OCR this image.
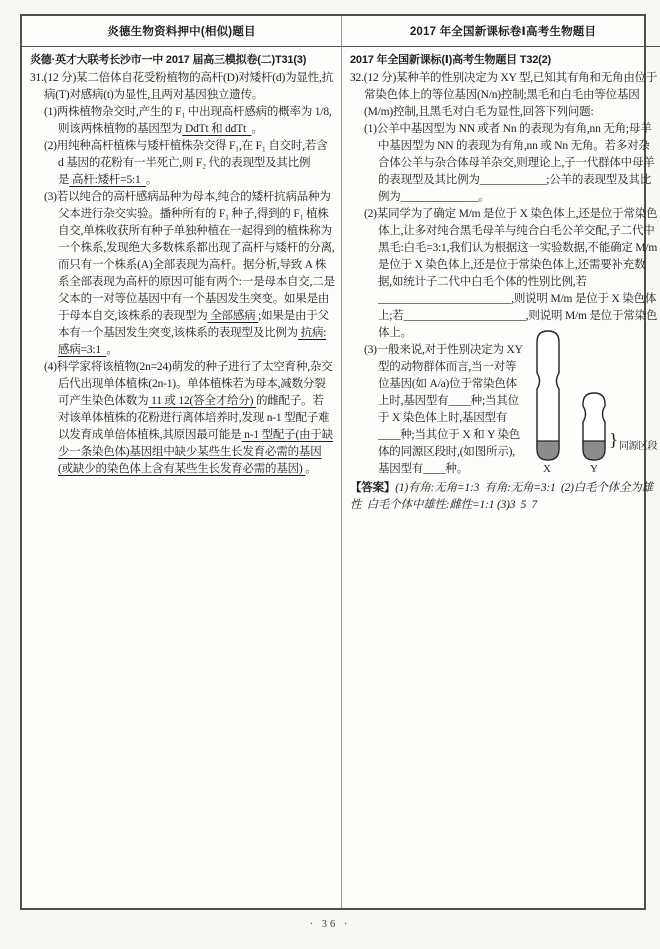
炎德生物资料押中(相似)题目	2017 年全国新课标卷Ⅰ高考生物题目
炎德·英才大联考长沙市一中 2017 届高三模拟卷(二)T31(3)
31.(12 分)某二倍体自花受粉植物的高杆(D)对矮杆(d)为显性,抗病(T)对感病(t)为显性,且两对基因独立遗传。
(1)两株植物杂交时,产生的 F₁ 中出现高杆感病的概率为 1/8,则该两株植物的基因型为 DdTt 和 ddTt  。
(2)用纯种高杆植株与矮杆植株杂交得 F₁,在 F₁ 自交时,若含 d 基因的花粉有一半死亡,则 F₂ 代的表现型及其比例是 高杆:矮杆=5:1  。
(3)若以纯合的高杆感病品种为母本,纯合的矮杆抗病品种为父本进行杂交实验。播种所有的 F₁ 种子,得到的 F₁ 植株自交,单株收获所有种子单独种植在一起得到的植株称为一个株系,发现绝大多数株系都出现了高杆与矮杆的分离,而只有一个株系(A)全部表现为高杆。据分析,导致 A 株系全部表现为高杆的原因可能有两个:一是母本自交,二是父本的一对等位基因中有一个基因发生突变。如果是由于母本自交,该株系的表现型为 全部感病 ;如果是由于父本有一个基因发生突变,该株系的表现型及比例为 抗病:感病=3:1  。
(4)科学家将该植物(2n=24)萌发的种子进行了太空育种,杂交后代出现单体植株(2n-1)。单体植株若为母本,减数分裂可产生染色体数为 11 或 12(答全才给分) 的雌配子。若对该单体植株的花粉进行离体培养时,发现 n-1 型配子难以发育成单倍体植株,其原因最可能是 n-1 型配子(由于缺少一条染色体)基因组中缺少某些生长发育必需的基因(或缺少的染色体上含有某些生长发育必需的基因) 。
2017 年全国新课标(Ⅰ)高考生物题目 T32(2)
32.(12 分)某种羊的性别决定为 XY 型,已知其有角和无角由位于常染色体上的等位基因(N/n)控制;黑毛和白毛由等位基因(M/m)控制,且黑毛对白毛为显性,回答下列问题:
(1)公羊中基因型为 NN 或者 Nn 的表现为有角,nn 无角;母羊中基因型为 NN 的表现为有角,nn 或 Nn 无角。若多对杂合体公羊与杂合体母羊杂交,则理论上,子一代群体中母羊的表现型及其比例为____________;公羊的表现型及其比例为______________。
(2)某同学为了确定 M/m 是位于 X 染色体上,还是位于常染色体上,让多对纯合黑毛母羊与纯合白毛公羊交配,子二代中黑毛:白毛=3:1,我们认为根据这一实验数据,不能确定 M/m 是位于 X 染色体上,还是位于常染色体上,还需要补充数据,如统计子二代中白毛个体的性别比例,若________________________,则说明 M/m 是位于 X 染色体上;若______________________,则说明 M/m 是位于常染色体上。
(3)一般来说,对于性别决定为 XY 型的动物群体而言,当一对等位基因(如 A/a)位于常染色体上时,基因型有____种;当其位于 X 染色体上时,基因型有____种;当其位于 X 和 Y 染色体的同源区段时,(如图所示),基因型有____种。	X	Y
} 同源区段
【答案】(1)有角:无角=1:3  有角:无角=3:1  (2)白毛个体全为雄性  白毛个体中雄性:雌性=1:1 (3)3  5  7
· 36 ·
